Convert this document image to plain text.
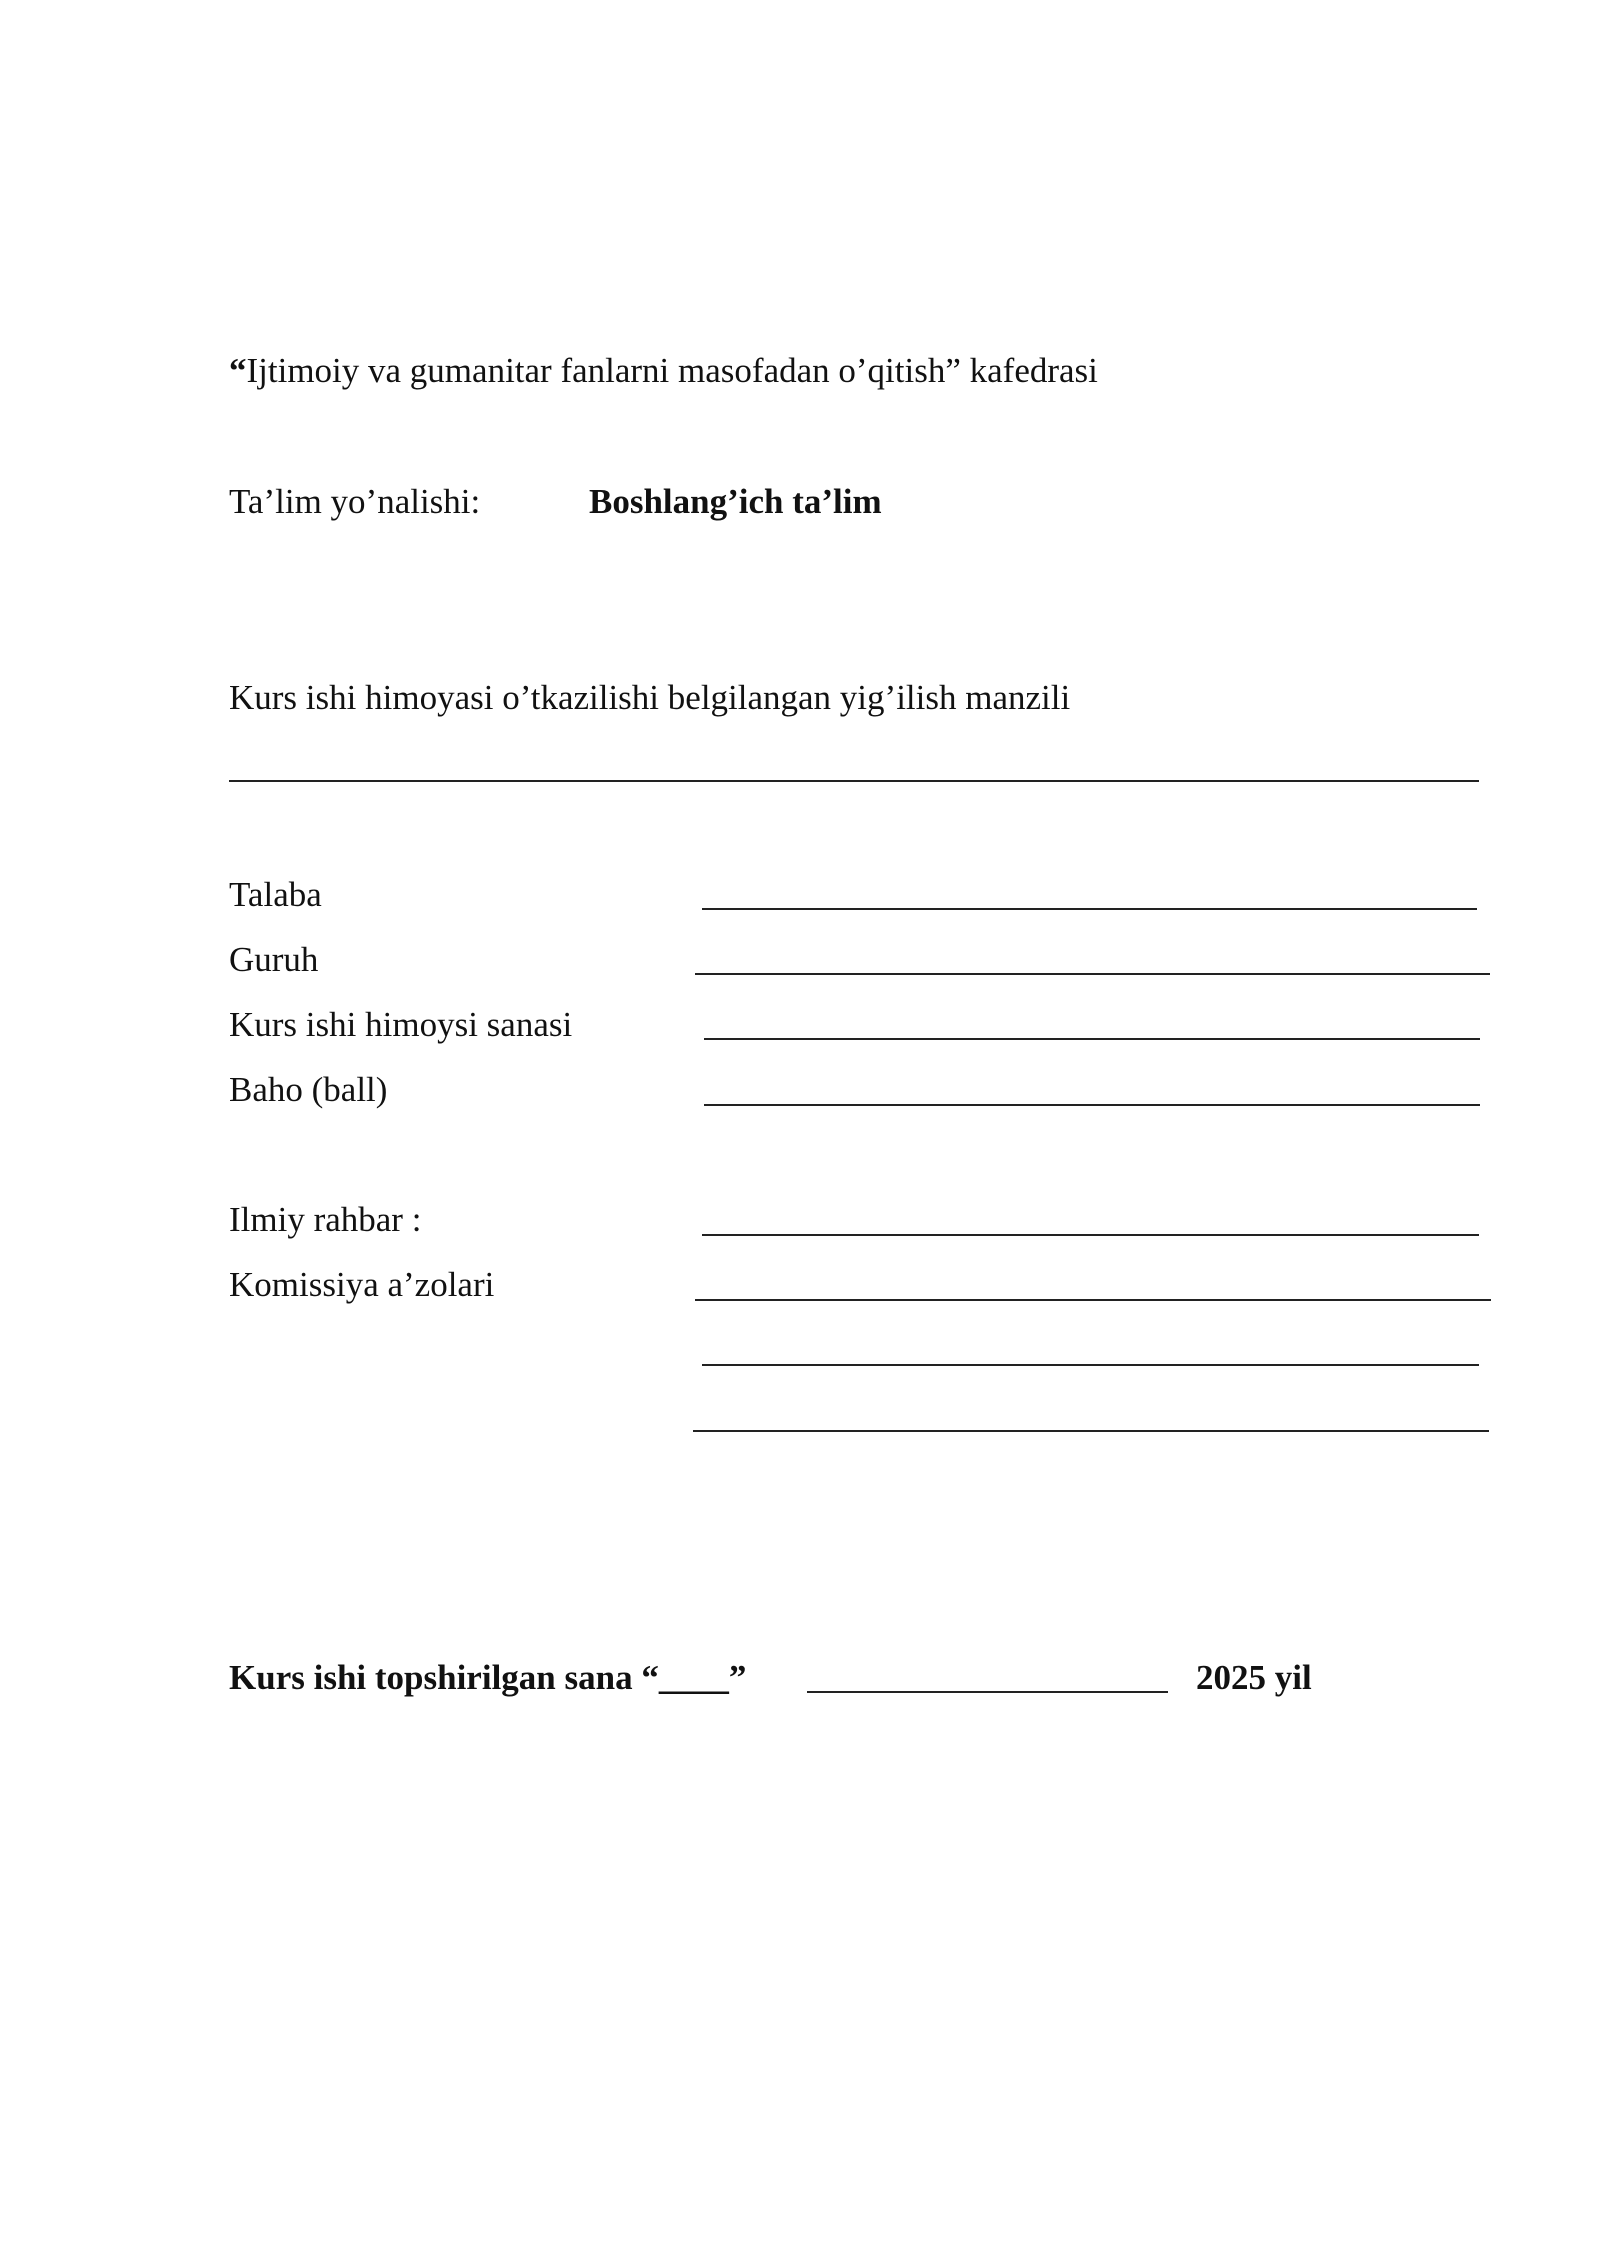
“Ijtimoiy va gumanitar fanlarni masofadan o’qitish” kafedrasi
Ta’lim yo’nalishi:	Boshlang’ich ta’lim
Kurs ishi himoyasi o’tkazilishi belgilangan yig’ilish manzili
Talaba
Guruh
Kurs ishi himoysi sanasi
Baho (ball)
Ilmiy rahbar :
Komissiya a’zolari
Kurs ishi topshirilgan sana “____”	2025 yil
